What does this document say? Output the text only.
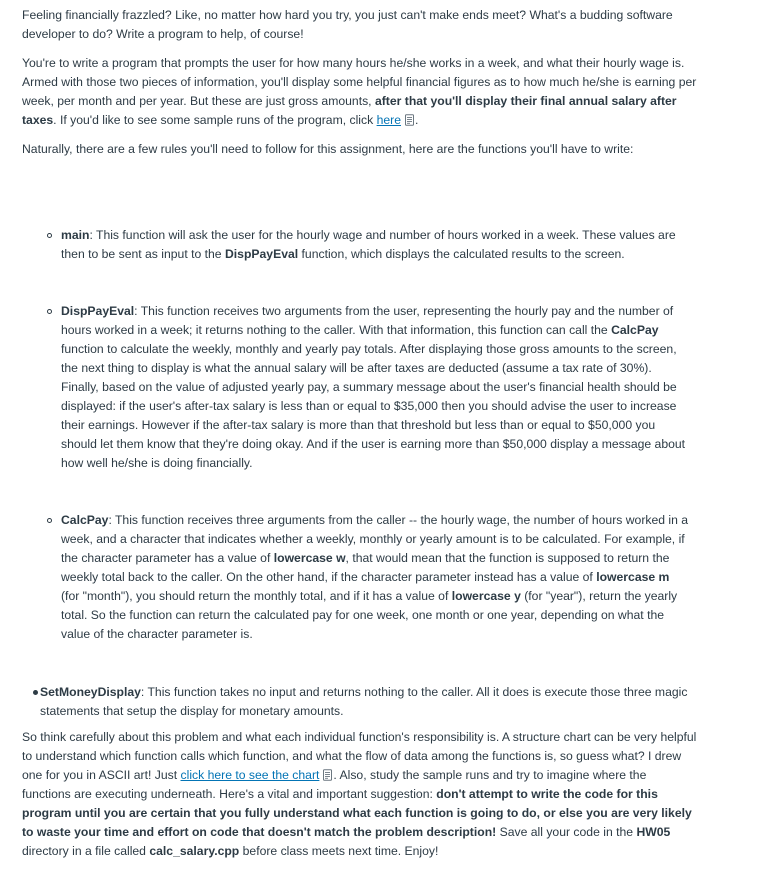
Feeling financially frazzled? Like, no matter how hard you try, you just can't make ends meet? What's a budding software developer to do? Write a program to help, of course!

You're to write a program that prompts the user for how many hours he/she works in a week, and what their hourly wage is. Armed with those two pieces of information, you'll display some helpful financial figures as to how much he/she is earning per week, per month and per year. But these are just gross amounts, after that you'll display their final annual salary after taxes. If you'd like to see some sample runs of the program, click here .

Naturally, there are a few rules you'll need to follow for this assignment, here are the functions you'll have to write:

main: This function will ask the user for the hourly wage and number of hours worked in a week. These values are then to be sent as input to the DispPayEval function, which displays the calculated results to the screen.
DispPayEval: This function receives two arguments from the user, representing the hourly pay and the number of hours worked in a week; it returns nothing to the caller. With that information, this function can call the CalcPay function to calculate the weekly, monthly and yearly pay totals. After displaying those gross amounts to the screen, the next thing to display is what the annual salary will be after taxes are deducted (assume a tax rate of 30%). Finally, based on the value of adjusted yearly pay, a summary message about the user's financial health should be displayed: if the user's after-tax salary is less than or equal to $35,000 then you should advise the user to increase their earnings. However if the after-tax salary is more than that threshold but less than or equal to $50,000 you should let them know that they're doing okay. And if the user is earning more than $50,000 display a message about how well he/she is doing financially.
CalcPay: This function receives three arguments from the caller -- the hourly wage, the number of hours worked in a week, and a character that indicates whether a weekly, monthly or yearly amount is to be calculated. For example, if the character parameter has a value of lowercase w, that would mean that the function is supposed to return the weekly total back to the caller. On the other hand, if the character parameter instead has a value of lowercase m (for "month"), you should return the monthly total, and if it has a value of lowercase y (for "year"), return the yearly total. So the function can return the calculated pay for one week, one month or one year, depending on what the value of the character parameter is.
SetMoneyDisplay: This function takes no input and returns nothing to the caller. All it does is execute those three magic statements that setup the display for monetary amounts.

So think carefully about this problem and what each individual function's responsibility is. A structure chart can be very helpful to understand which function calls which function, and what the flow of data among the functions is, so guess what? I drew one for you in ASCII art! Just click here to see the chart . Also, study the sample runs and try to imagine where the functions are executing underneath. Here's a vital and important suggestion: don't attempt to write the code for this program until you are certain that you fully understand what each function is going to do, or else you are very likely to waste your time and effort on code that doesn't match the problem description! Save all your code in the HW05 directory in a file called calc_salary.cpp before class meets next time. Enjoy!
